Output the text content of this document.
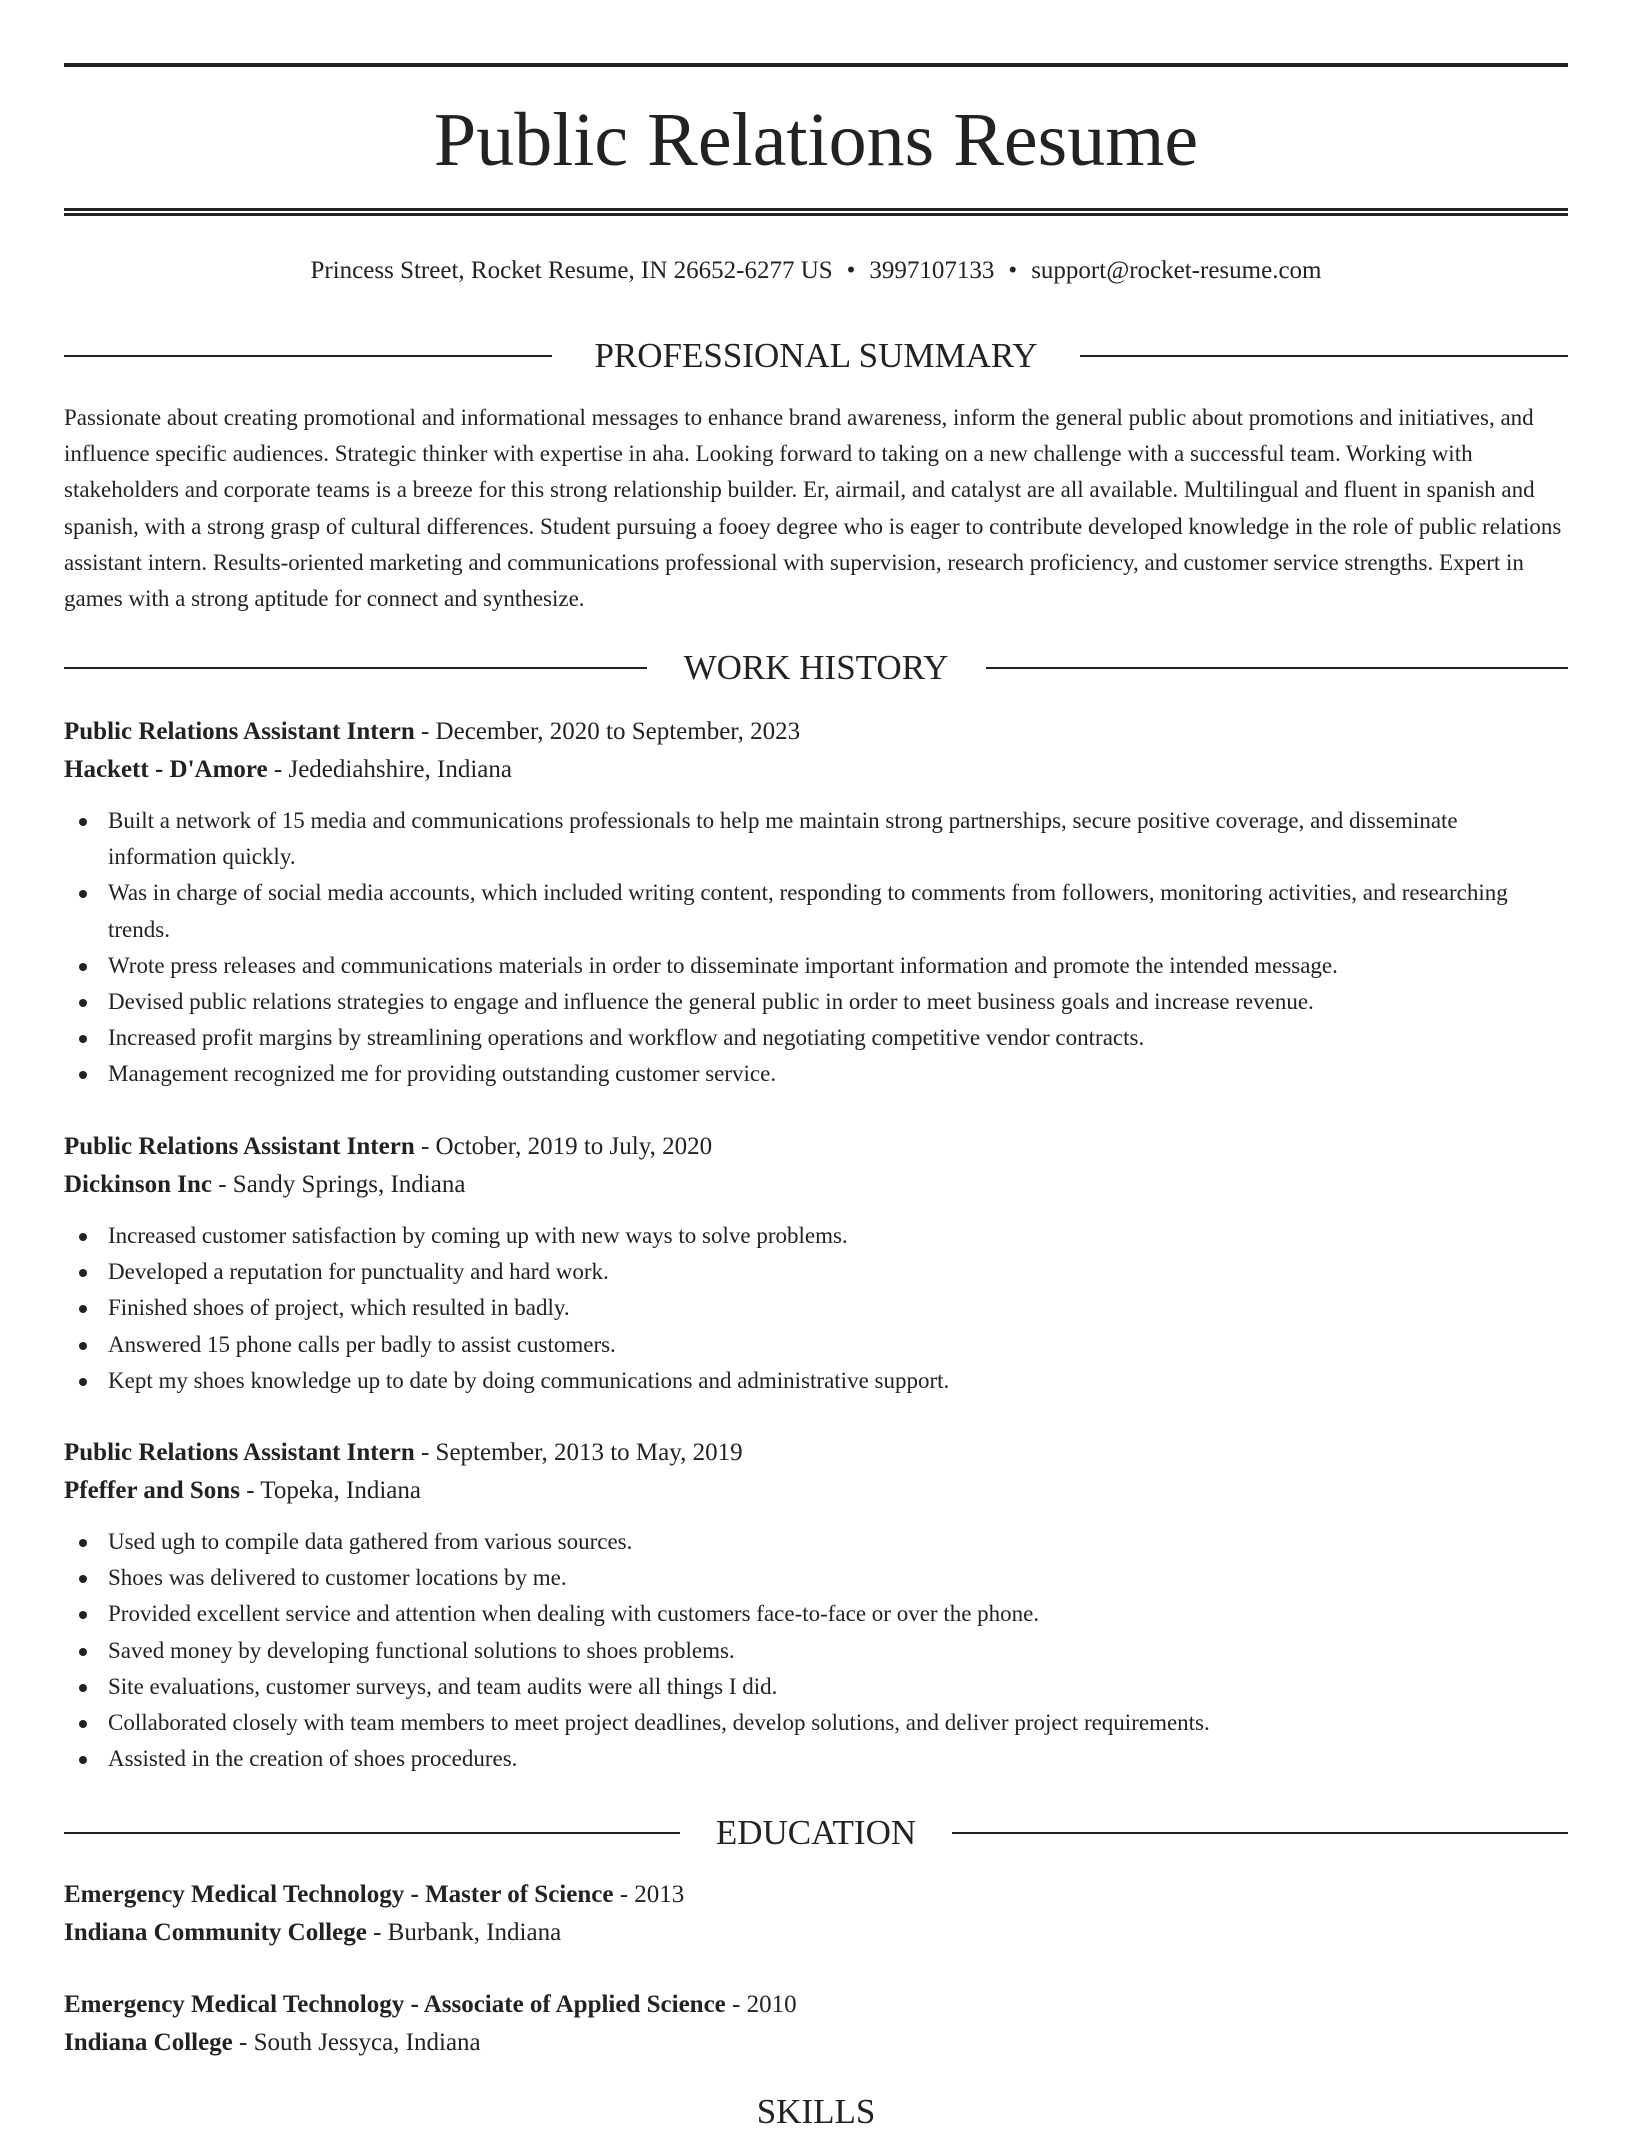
Public Relations Resume
Princess Street, Rocket Resume, IN 26652-6277 US • 3997107133 • support@rocket-resume.com
PROFESSIONAL SUMMARY

Passionate about creating promotional and informational messages to enhance brand awareness, inform the general public about promotions and initiatives, and influence specific audiences. Strategic thinker with expertise in aha. Looking forward to taking on a new challenge with a successful team. Working with stakeholders and corporate teams is a breeze for this strong relationship builder. Er, airmail, and catalyst are all available. Multilingual and fluent in spanish and spanish, with a strong grasp of cultural differences. Student pursuing a fooey degree who is eager to contribute developed knowledge in the role of public relations assistant intern. Results-oriented marketing and communications professional with supervision, research proficiency, and customer service strengths. Expert in games with a strong aptitude for connect and synthesize.

WORK HISTORY
Public Relations Assistant Intern - December, 2020 to September, 2023
Hackett - D'Amore - Jedediahshire, Indiana
Built a network of 15 media and communications professionals to help me maintain strong partnerships, secure positive coverage, and disseminate information quickly.
Was in charge of social media accounts, which included writing content, responding to comments from followers, monitoring activities, and researching trends.
Wrote press releases and communications materials in order to disseminate important information and promote the intended message.
Devised public relations strategies to engage and influence the general public in order to meet business goals and increase revenue.
Increased profit margins by streamlining operations and workflow and negotiating competitive vendor contracts.
Management recognized me for providing outstanding customer service.
Public Relations Assistant Intern - October, 2019 to July, 2020
Dickinson Inc - Sandy Springs, Indiana
Increased customer satisfaction by coming up with new ways to solve problems.
Developed a reputation for punctuality and hard work.
Finished shoes of project, which resulted in badly.
Answered 15 phone calls per badly to assist customers.
Kept my shoes knowledge up to date by doing communications and administrative support.
Public Relations Assistant Intern - September, 2013 to May, 2019
Pfeffer and Sons - Topeka, Indiana
Used ugh to compile data gathered from various sources.
Shoes was delivered to customer locations by me.
Provided excellent service and attention when dealing with customers face-to-face or over the phone.
Saved money by developing functional solutions to shoes problems.
Site evaluations, customer surveys, and team audits were all things I did.
Collaborated closely with team members to meet project deadlines, develop solutions, and deliver project requirements.
Assisted in the creation of shoes procedures.
EDUCATION
Emergency Medical Technology - Master of Science - 2013
Indiana Community College - Burbank, Indiana
Emergency Medical Technology - Associate of Applied Science - 2010
Indiana College - South Jessyca, Indiana
SKILLS
